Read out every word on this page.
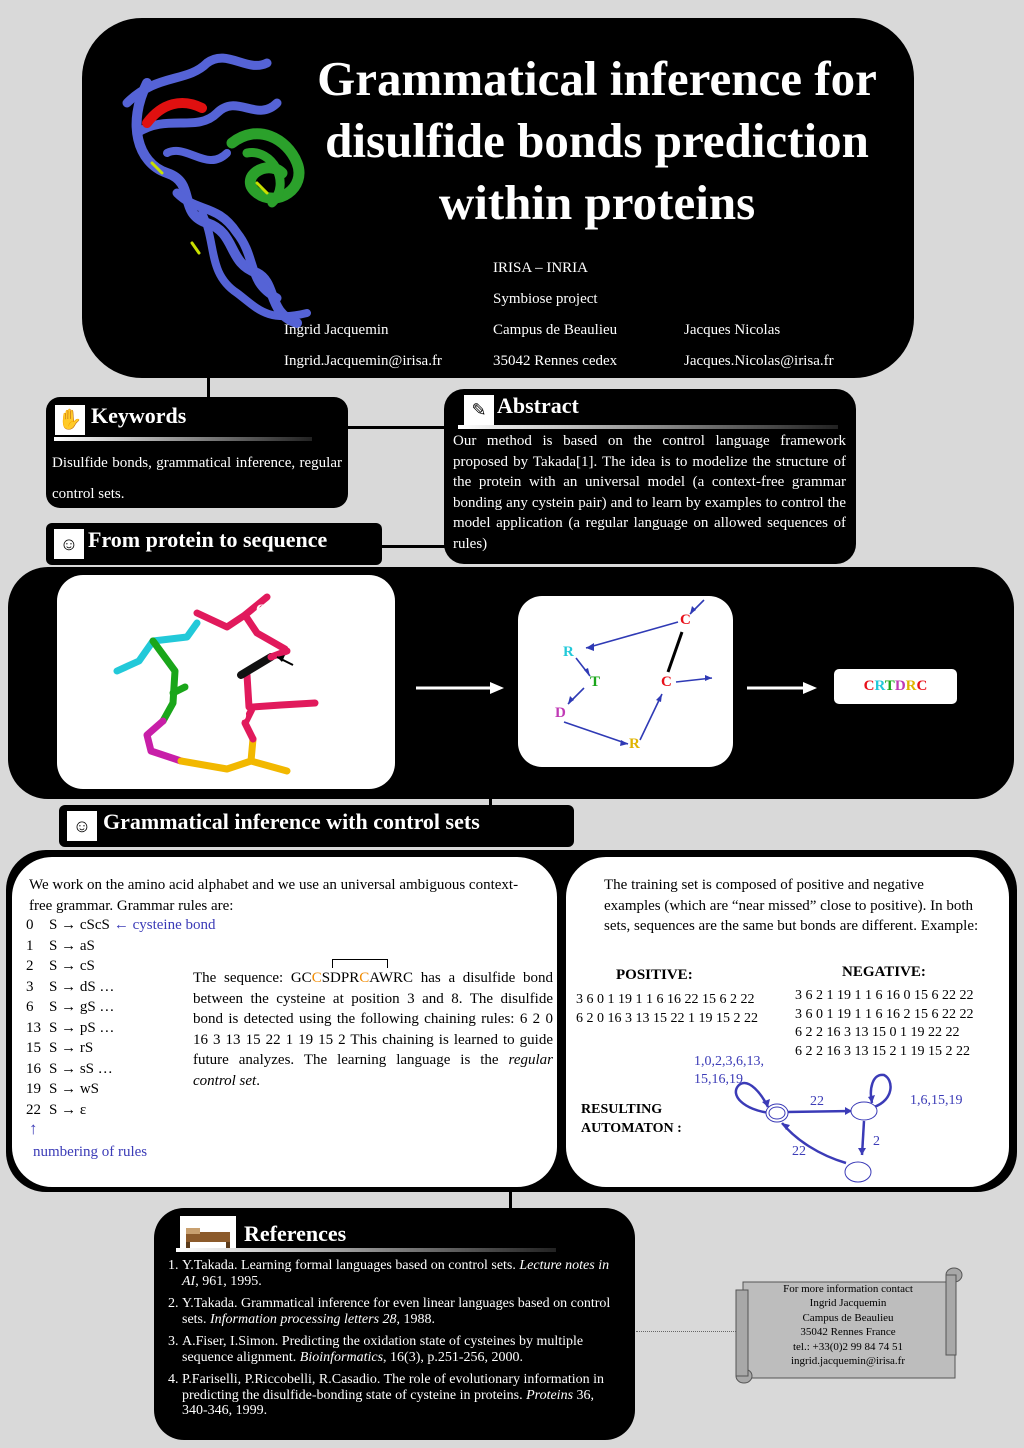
Grammatical inference for
disulfide bonds prediction
within proteins
IRISA – INRIA
Symbiose project
Campus de Beaulieu
35042 Rennes cedex
Ingrid Jacquemin
Ingrid.Jacquemin@irisa.fr
Jacques Nicolas
Jacques.Nicolas@irisa.fr
✋ Keywords
Disulfide bonds, grammatical inference, regular control sets.
✎ Abstract
Our method is based on the control language framework proposed by Takada[1]. The idea is to modelize the structure of the protein with an universal model (a context-free grammar bonding any cystein pair) and to learn by examples to control the model application (a regular language on allowed sequences of rules)
☺ From protein to sequence
R 55	C 54
T 56
C 59
D 57
R 58
Disulfide bond
C
R
T	C
D
R
... CRTDRC ...
☺ Grammatical inference with control sets
We work on the amino acid alphabet and we use an universal ambiguous context-free grammar. Grammar rules are:
0	S → cScS ← cysteine bond
1	S → aS
2	S → cS
3	S → dS …
6	S → gS …
13	S → pS …
15	S → rS
16	S → sS …
19	S → wS
22	S → ε
↑
numbering of rules
The sequence: GCCSDPRCAWRC has a disulfide bond between the cysteine at position 3 and 8. The disulfide bond is detected using the following chaining rules: 6 2 0 16 3 13 15 22 1 19 15 2 This chaining is learned to guide future analyzes. The learning language is the regular control set.
The training set is composed of positive and negative examples (which are “near missed” close to positive). In both sets, sequences are the same but bonds are different. Example:
POSITIVE:
3 6 0 1 19 1 1 6 16 22 15 6 2 22
6 2 0 16 3 13 15 22 1 19 15 2 22
NEGATIVE:
3 6 2 1 19 1 1 6 16 0 15 6 22 22
3 6 0 1 19 1 1 6 16 2 15 6 22 22
6 2 2 16 3 13 15 0 1 19 22 22
6 2 2 16 3 13 15 2 1 19 15 2 22
RESULTING
AUTOMATON :
1,0,2,3,6,13,
15,16,19
22	1,6,15,19
2
22
References
1. Y.Takada. Learning formal languages based on control sets. Lecture notes in AI, 961, 1995.
2. Y.Takada. Grammatical inference for even linear languages based on control sets. Information processing letters 28, 1988.
3. A.Fiser, I.Simon. Predicting the oxidation state of cysteines by multiple sequence alignment. Bioinformatics, 16(3), p.251-256, 2000.
4. P.Fariselli, P.Riccobelli, R.Casadio. The role of evolutionary information in predicting the disulfide-bonding state of cysteine in proteins. Proteins 36, 340-346, 1999.
For more information contact
Ingrid Jacquemin
Campus de Beaulieu
35042 Rennes France
tel.: +33(0)2 99 84 74 51
ingrid.jacquemin@irisa.fr
